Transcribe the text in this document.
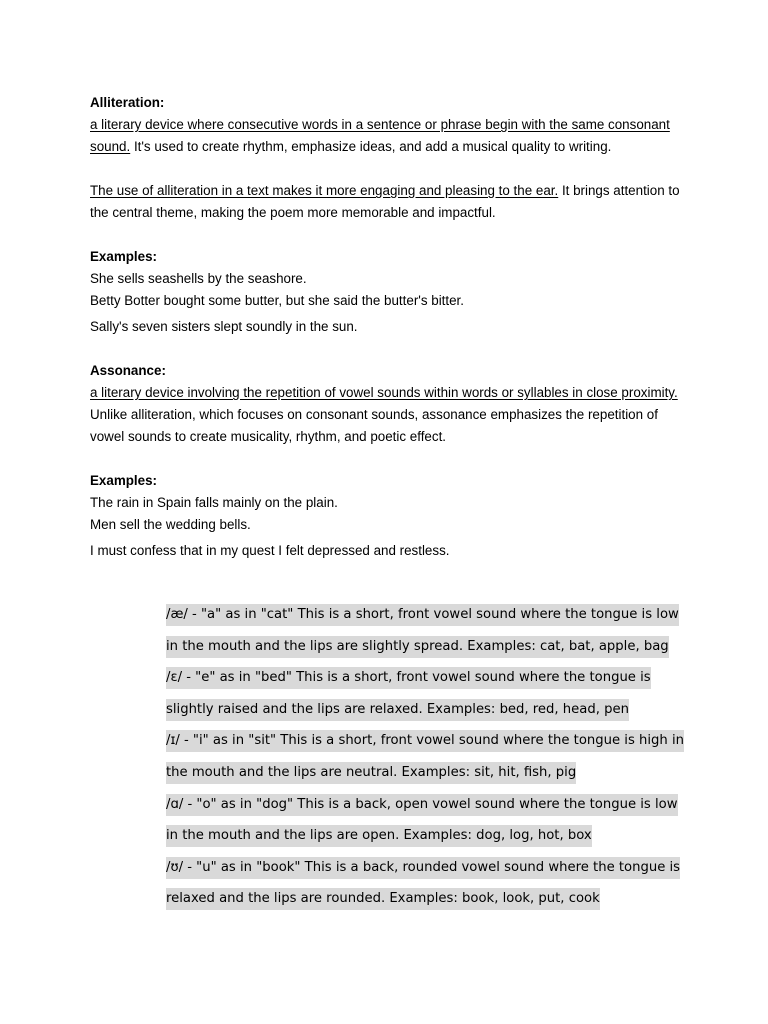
Alliteration:

a literary device where consecutive words in a sentence or phrase begin with the same consonant sound. It's used to create rhythm, emphasize ideas, and add a musical quality to writing.

The use of alliteration in a text makes it more engaging and pleasing to the ear. It brings attention to the central theme, making the poem more memorable and impactful.

Examples:
She sells seashells by the seashore.
Betty Botter bought some butter, but she said the butter's bitter.
Sally's seven sisters slept soundly in the sun.
Assonance:

a literary device involving the repetition of vowel sounds within words or syllables in close proximity. Unlike alliteration, which focuses on consonant sounds, assonance emphasizes the repetition of vowel sounds to create musicality, rhythm, and poetic effect.

Examples:
The rain in Spain falls mainly on the plain.
Men sell the wedding bells.
I must confess that in my quest I felt depressed and restless.

/æ/ - "a" as in "cat" This is a short, front vowel sound where the tongue is low in the mouth and the lips are slightly spread. Examples: cat, bat, apple, bag

/ɛ/ - "e" as in "bed" This is a short, front vowel sound where the tongue is slightly raised and the lips are relaxed. Examples: bed, red, head, pen

/ɪ/ - "i" as in "sit" This is a short, front vowel sound where the tongue is high in the mouth and the lips are neutral. Examples: sit, hit, fish, pig

/ɑ/ - "o" as in "dog" This is a back, open vowel sound where the tongue is low in the mouth and the lips are open. Examples: dog, log, hot, box

/ʊ/ - "u" as in "book" This is a back, rounded vowel sound where the tongue is relaxed and the lips are rounded. Examples: book, look, put, cook
